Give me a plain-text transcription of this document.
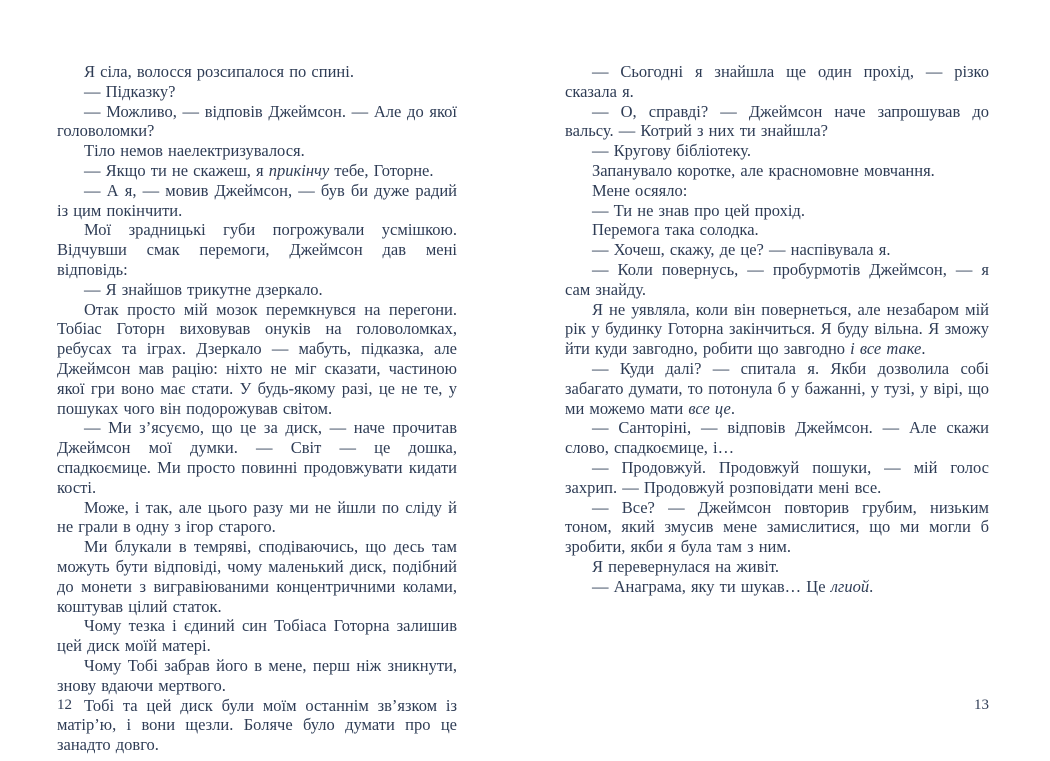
Я сіла, волосся розсипалося по спині.

— Підказку?

— Можливо, — відповів Джеймсон. — Але до якої головоломки?

Тіло немов наелектризувалося.

— Якщо ти не скажеш, я прикінчу тебе, Готорне.

— А я, — мовив Джеймсон, — був би дуже радий із цим покінчити.

Мої зрадницькі губи погрожували усмішкою. Відчувши смак перемоги, Джеймсон дав мені відповідь:

— Я знайшов трикутне дзеркало.

Отак просто мій мозок перемкнувся на перегони. Тобіас Готорн виховував онуків на головоломках, ребусах та іграх. Дзеркало — мабуть, підказка, але Джеймсон мав рацію: ніхто не міг сказати, частиною якої гри воно має стати. У будь-якому разі, це не те, у пошуках чого він подорожував світом.

— Ми з’ясуємо, що це за диск, — наче прочитав Джеймсон мої думки. — Світ — це дошка, спадкоємице. Ми просто повинні продовжувати кидати кості.

Може, і так, але цього разу ми не йшли по сліду й не грали в одну з ігор старого.

Ми блукали в темряві, сподіваючись, що десь там можуть бути відповіді, чому маленький диск, подібний до монети з вигравіюваними концентричними колами, коштував цілий статок.

Чому тезка і єдиний син Тобіаса Готорна залишив цей диск моїй матері.

Чому Тобі забрав його в мене, перш ніж зникнути, знову вдаючи мертвого.

Тобі та цей диск були моїм останнім зв’язком із матір’ю, і вони щезли. Боляче було думати про це занадто довго.

12

— Сьогодні я знайшла ще один прохід, — різко сказала я.

— О, справді? — Джеймсон наче запрошував до вальсу. — Котрий з них ти знайшла?

— Кругову бібліотеку.

Запанувало коротке, але красномовне мовчання.

Мене осяяло:

— Ти не знав про цей прохід.

Перемога така солодка.

— Хочеш, скажу, де це? — наспівувала я.

— Коли повернусь, — пробурмотів Джеймсон, — я сам знайду.

Я не уявляла, коли він повернеться, але незабаром мій рік у будинку Готорна закінчиться. Я буду вільна. Я зможу йти куди завгодно, робити що завгодно і все таке.

— Куди далі? — спитала я. Якби дозволила собі забагато думати, то потонула б у бажанні, у тузі, у вірі, що ми можемо мати все це.

— Санторіні, — відповів Джеймсон. — Але скажи слово, спадкоємице, і…

— Продовжуй. Продовжуй пошуки, — мій голос захрип. — Продовжуй розповідати мені все.

— Все? — Джеймсон повторив грубим, низьким тоном, який змусив мене замислитися, що ми могли б зробити, якби я була там з ним.

Я перевернулася на живіт.

— Анаграма, яку ти шукав… Це лгиой.

13
